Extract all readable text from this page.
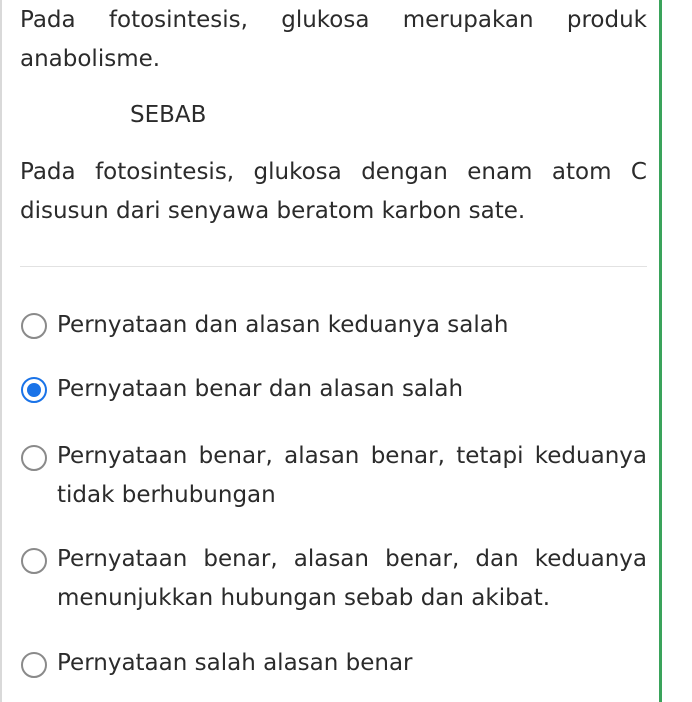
Pada fotosintesis, glukosa merupakan produk anabolisme.

SEBAB

Pada fotosintesis, glukosa dengan enam atom C disusun dari senyawa beratom karbon sate.

Pernyataan dan alasan keduanya salah
Pernyataan benar dan alasan salah
Pernyataan benar, alasan benar, tetapi keduanya tidak berhubungan
Pernyataan benar, alasan benar, dan keduanya menunjukkan hubungan sebab dan akibat.
Pernyataan salah alasan benar
